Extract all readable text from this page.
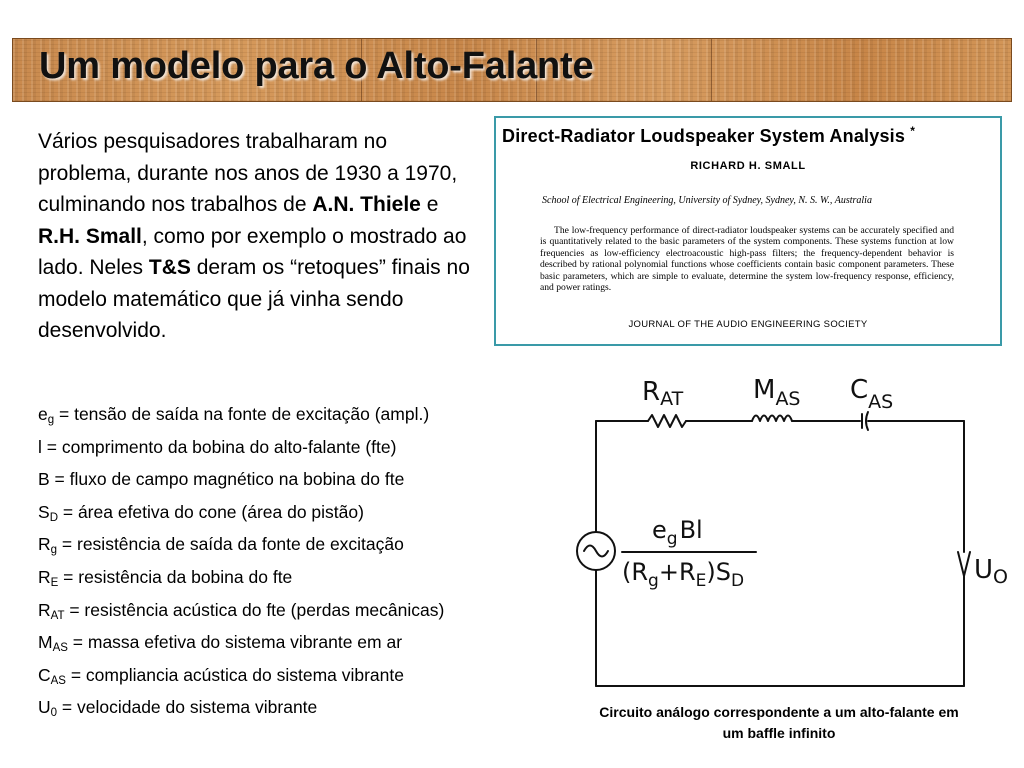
Um modelo para o Alto-Falante

Vários pesquisadores trabalharam no problema, durante nos anos de 1930 a 1970, culminando nos trabalhos de A.N. Thiele e R.H. Small, como por exemplo o mostrado ao lado. Neles T&S deram os “retoques” finais no modelo matemático que já vinha sendo desenvolvido.

Direct-Radiator Loudspeaker System Analysis *
RICHARD H. SMALL
School of Electrical Engineering, University of Sydney, Sydney, N. S. W., Australia
The low-frequency performance of direct-radiator loudspeaker systems can be accurately specified and is quantitatively related to the basic parameters of the system components. These systems function at low frequencies as low-efficiency electroacoustic high-pass filters; the frequency-dependent behavior is described by rational polynomial functions whose coefficients contain basic component parameters. These basic parameters, which are simple to evaluate, determine the system low-frequency response, efficiency, and power ratings.
JOURNAL OF THE AUDIO ENGINEERING SOCIETY
$e_g$ = tensão de saída na fonte de excitação (ampl.)
l = comprimento da bobina do alto-falante (fte)
B = fluxo de campo magnético na bobina do fte
$S_D$ = área efetiva do cone (área do pistão)
$R_g$ = resistência de saída da fonte de excitação
$R_E$ = resistência da bobina do fte
$R_{AT}$ = resistência acústica do fte (perdas mecânicas)
$M_{AS}$ = massa efetiva do sistema vibrante em ar
$C_{AS}$ = compliancia acústica do sistema vibrante
$U_0$ = velocidade do sistema vibrante
RAT	$M_{AS}$ $C_{AS}$
$e_gBl$
$(R_g+R_E)S_D$	UO
Circuito análogo correspondente a um alto-falante em um baffle infinito
